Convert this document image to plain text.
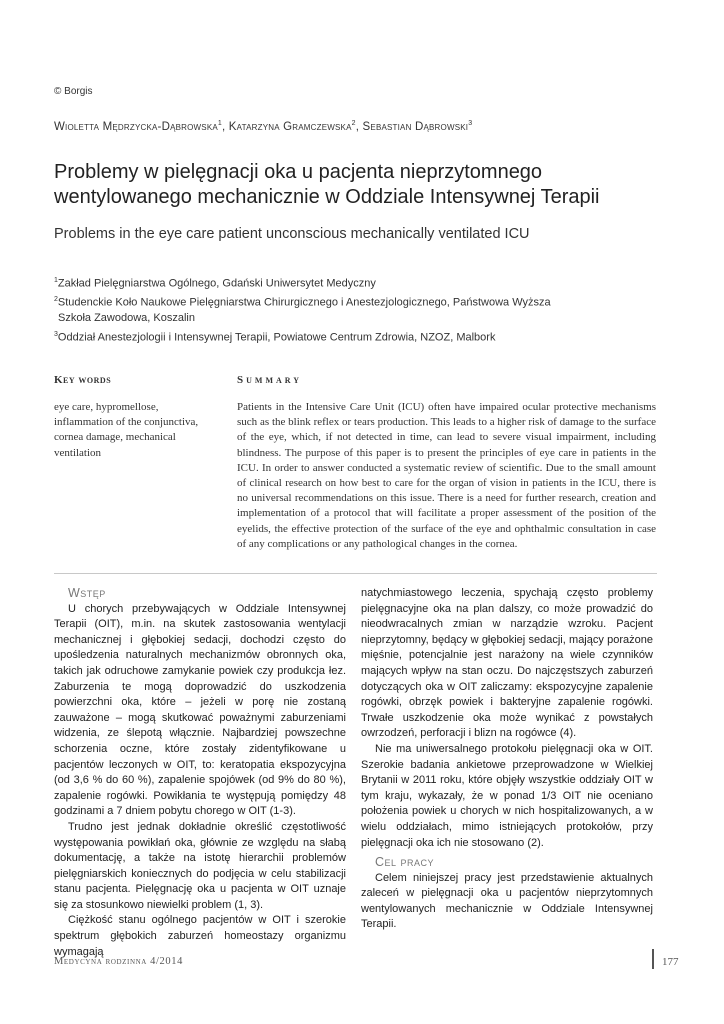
© Borgis
Wioletta Mędrzycka-Dąbrowska$^1$, Katarzyna Gramczewska$^2$, Sebastian Dąbrowski$^3$
Problemy w pielęgnacji oka u pacjenta nieprzytomnego
wentylowanego mechanicznie w Oddziale Intensywnej Terapii
Problems in the eye care patient unconscious mechanically ventilated ICU

$^1$Zakład Pielęgniarstwa Ogólnego, Gdański Uniwersytet Medyczny

$^2$Studenckie Koło Naukowe Pielęgniarstwa Chirurgicznego i Anestezjologicznego, Państwowa Wyższa

Szkoła Zawodowa, Koszalin

$^3$Oddział Anestezjologii i Intensywnej Terapii, Powiatowe Centrum Zdrowia, NZOZ, Malbork

Key words
eye care, hypromellose, inflammation of the conjunctiva, cornea damage, mechanical ventilation
Summary
Patients in the Intensive Care Unit (ICU) often have impaired ocular protective mechanisms such as the blink reflex or tears production. This leads to a higher risk of damage to the surface of the eye, which, if not detected in time, can lead to severe visual impairment, including blindness. The purpose of this paper is to present the principles of eye care in patients in the ICU. In order to answer conducted a systematic review of scientific. Due to the small amount of clinical research on how best to care for the organ of vision in patients in the ICU, there is no universal recommendations on this issue. There is a need for further research, creation and implementation of a protocol that will facilitate a proper assessment of the position of the eyelids, the effective protection of the surface of the eye and ophthalmic consultation in case of any complications or any pathological changes in the cornea.

Wstęp

U chorych przebywających w Oddziale Intensywnej Terapii (OIT), m.in. na skutek zastosowania wentylacji mechanicznej i głębokiej sedacji, dochodzi często do upośledzenia naturalnych mechanizmów obronnych oka, takich jak odruchowe zamykanie powiek czy produkcja łez. Zaburzenia te mogą doprowadzić do uszkodzenia powierzchni oka, które – jeżeli w porę nie zostaną zauważone – mogą skutkować poważnymi zaburzeniami widzenia, ze ślepotą włącznie. Najbardziej powszechne schorzenia oczne, które zostały zidentyfikowane u pacjentów leczonych w OIT, to: keratopatia ekspozycyjna (od 3,6 % do 60 %), zapalenie spojówek (od 9% do 80 %), zapalenie rogówki. Powikłania te występują pomiędzy 48 godzinami a 7 dniem pobytu chorego w OIT (1-3).

Trudno jest jednak dokładnie określić częstotliwość występowania powikłań oka, głównie ze względu na słabą dokumentację, a także na istotę hierarchii problemów pielęgniarskich koniecznych do podjęcia w celu stabilizacji stanu pacjenta. Pielęgnację oka u pacjenta w OIT uznaje się za stosunkowo niewielki problem (1, 3).

Ciężkość stanu ogólnego pacjentów w OIT i szerokie spektrum głębokich zaburzeń homeostazy organizmu wymagają

natychmiastowego leczenia, spychają często problemy pielęgnacyjne oka na plan dalszy, co może prowadzić do nieodwracalnych zmian w narządzie wzroku. Pacjent nieprzytomny, będący w głębokiej sedacji, mający porażone mięśnie, potencjalnie jest narażony na wiele czynników mających wpływ na stan oczu. Do najczęstszych zaburzeń dotyczących oka w OIT zaliczamy: ekspozycyjne zapalenie rogówki, obrzęk powiek i bakteryjne zapalenie rogówki. Trwałe uszkodzenie oka może wynikać z powstałych owrzodzeń, perforacji i blizn na rogówce (4).

Nie ma uniwersalnego protokołu pielęgnacji oka w OIT. Szerokie badania ankietowe przeprowadzone w Wielkiej Brytanii w 2011 roku, które objęły wszystkie oddziały OIT w tym kraju, wykazały, że w ponad 1/3 OIT nie oceniano położenia powiek u chorych w nich hospitalizowanych, a w wielu oddziałach, mimo istniejących protokołów, przy pielęgnacji oka ich nie stosowano (2).

Cel pracy

Celem niniejszej pracy jest przedstawienie aktualnych zaleceń w pielęgnacji oka u pacjentów nieprzytomnych wentylowanych mechanicznie w Oddziale Intensywnej Terapii.

Medycyna rodzinna 4/2014	177
